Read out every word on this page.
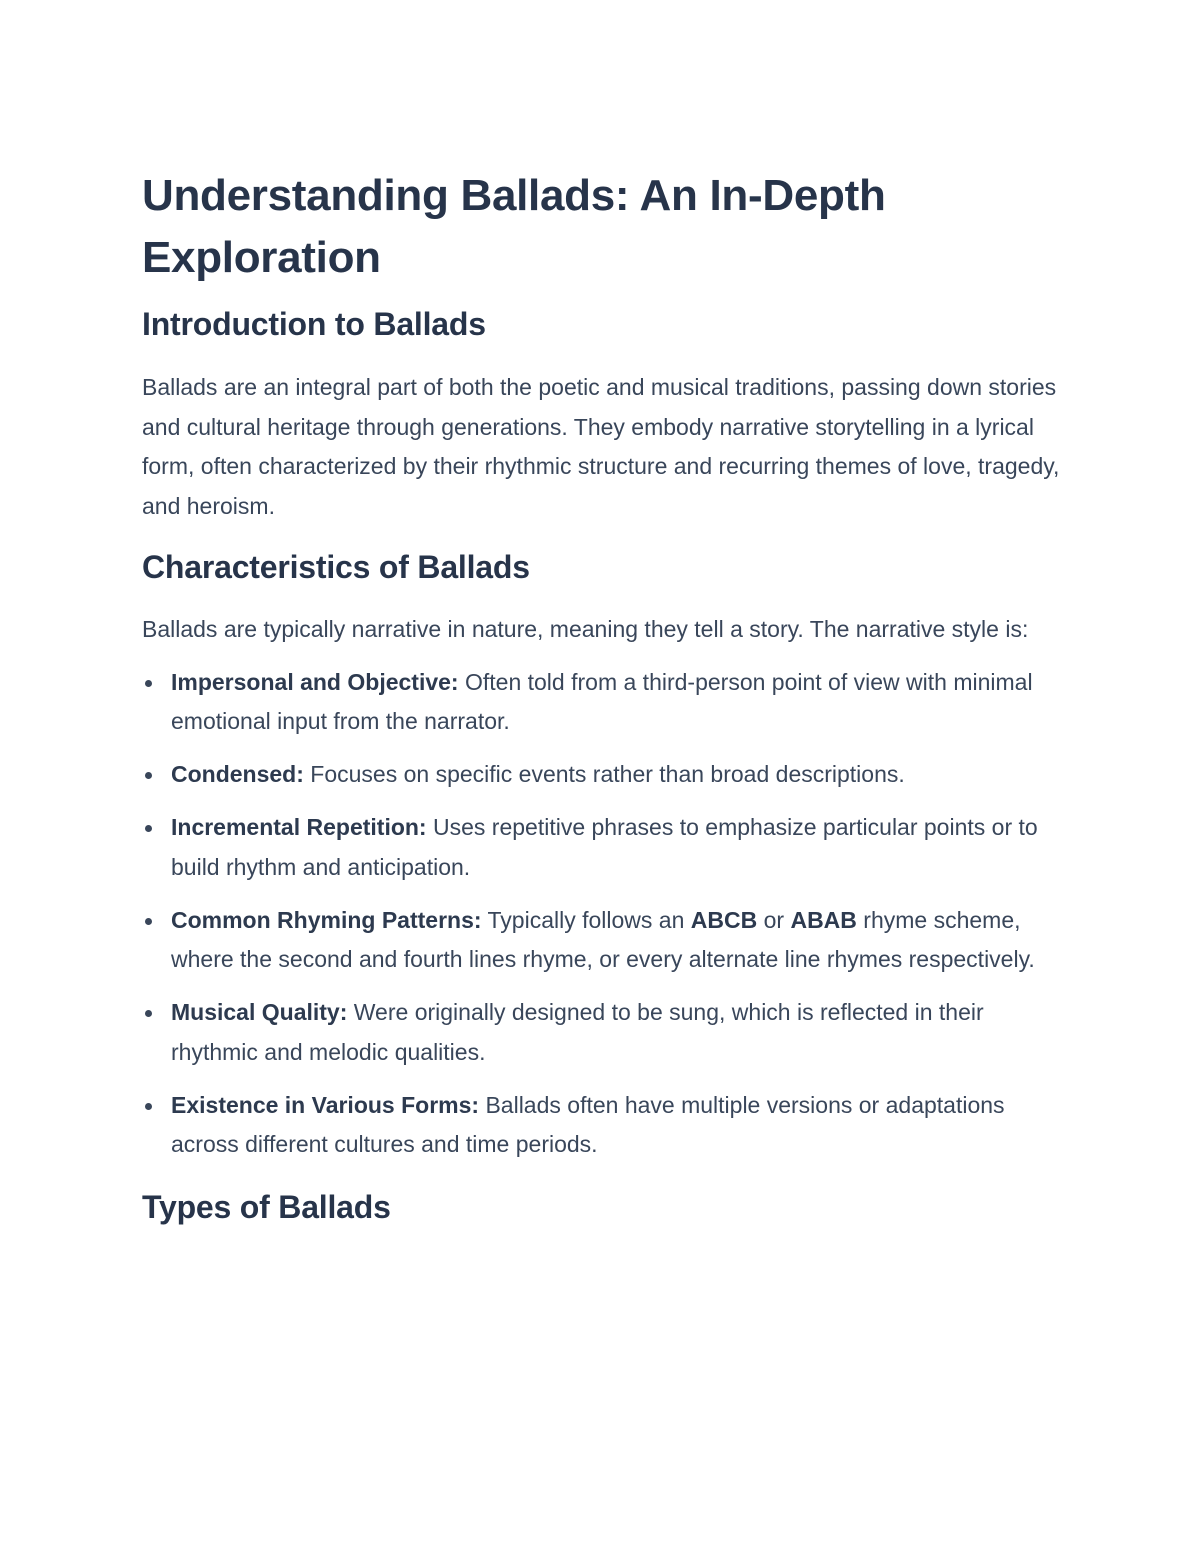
Understanding Ballads: An In-Depth Exploration
Introduction to Ballads

Ballads are an integral part of both the poetic and musical traditions, passing down stories and cultural heritage through generations. They embody narrative storytelling in a lyrical form, often characterized by their rhythmic structure and recurring themes of love, tragedy, and heroism.

Characteristics of Ballads

Ballads are typically narrative in nature, meaning they tell a story. The narrative style is:

Impersonal and Objective: Often told from a third-person point of view with minimal emotional input from the narrator.
Condensed: Focuses on specific events rather than broad descriptions.
Incremental Repetition: Uses repetitive phrases to emphasize particular points or to build rhythm and anticipation.
Common Rhyming Patterns: Typically follows an ABCB or ABAB rhyme scheme, where the second and fourth lines rhyme, or every alternate line rhymes respectively.
Musical Quality: Were originally designed to be sung, which is reflected in their rhythmic and melodic qualities.
Existence in Various Forms: Ballads often have multiple versions or adaptations across different cultures and time periods.
Types of Ballads
